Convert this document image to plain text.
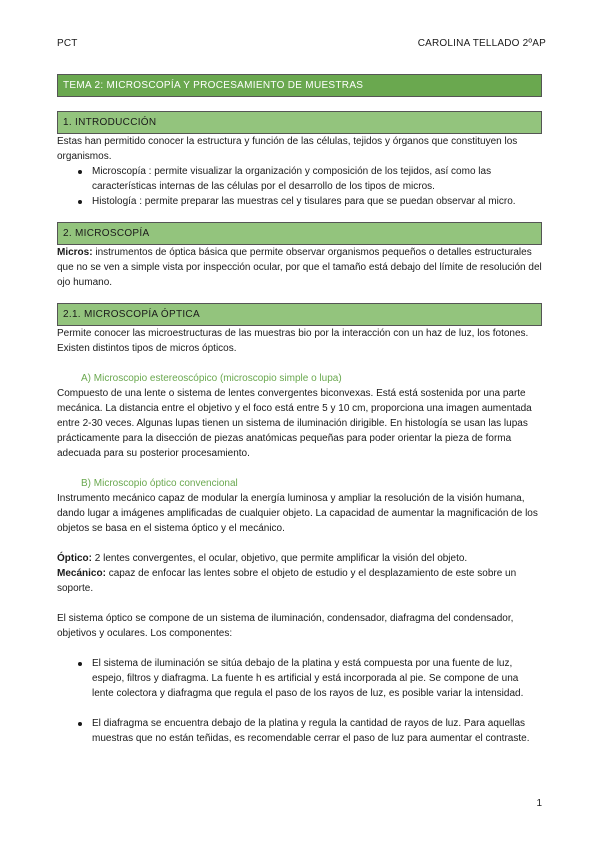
PCT	CAROLINA TELLADO 2ºAP
TEMA 2: MICROSCOPÍA Y PROCESAMIENTO DE MUESTRAS
1. INTRODUCCIÓN

Estas han permitido conocer la estructura y función de las células, tejidos y órganos que constituyen los organismos.

Microscopía : permite visualizar la organización y composición de los tejidos, así como las características internas de las células por el desarrollo de los tipos de micros.
Histología : permite preparar las muestras cel y tisulares para que se puedan observar al micro.
2. MICROSCOPÍA

Micros: instrumentos de óptica básica que permite observar organismos pequeños o detalles estructurales que no se ven a simple vista por inspección ocular, por que el tamaño está debajo del límite de resolución del ojo humano.

2.1. MICROSCOPÍA ÓPTICA

Permite conocer las microestructuras de las muestras bio por la interacción con un haz de luz, los fotones. Existen distintos tipos de micros ópticos.

A) Microscopio estereoscópico (microscopio simple o lupa)

Compuesto de una lente o sistema de lentes convergentes biconvexas. Está está sostenida por una parte mecánica. La distancia entre el objetivo y el foco está entre 5 y 10 cm, proporciona una imagen aumentada entre 2-30 veces. Algunas lupas tienen un sistema de iluminación dirigible. En histología se usan las lupas prácticamente para la disección de piezas anatómicas pequeñas para poder orientar la pieza de forma adecuada para su posterior procesamiento.

B) Microscopio óptico convencional

Instrumento mecánico capaz de modular la energía luminosa y ampliar la resolución de la visión humana, dando lugar a imágenes amplificadas de cualquier objeto. La capacidad de aumentar la magnificación de los objetos se basa en el sistema óptico y el mecánico.

Óptico: 2 lentes convergentes, el ocular, objetivo, que permite amplificar la visión del objeto.

Mecánico: capaz de enfocar las lentes sobre el objeto de estudio y el desplazamiento de este sobre un soporte.

El sistema óptico se compone de un sistema de iluminación, condensador, diafragma del condensador, objetivos y oculares. Los componentes:

El sistema de iluminación se sitúa debajo de la platina y está compuesta por una fuente de luz, espejo, filtros y diafragma. La fuente h es artificial y está incorporada al pie. Se compone de una lente colectora y diafragma que regula el paso de los rayos de luz, es posible variar la intensidad.
El diafragma se encuentra debajo de la platina y regula la cantidad de rayos de luz. Para aquellas muestras que no están teñidas, es recomendable cerrar el paso de luz para aumentar el contraste.
1
